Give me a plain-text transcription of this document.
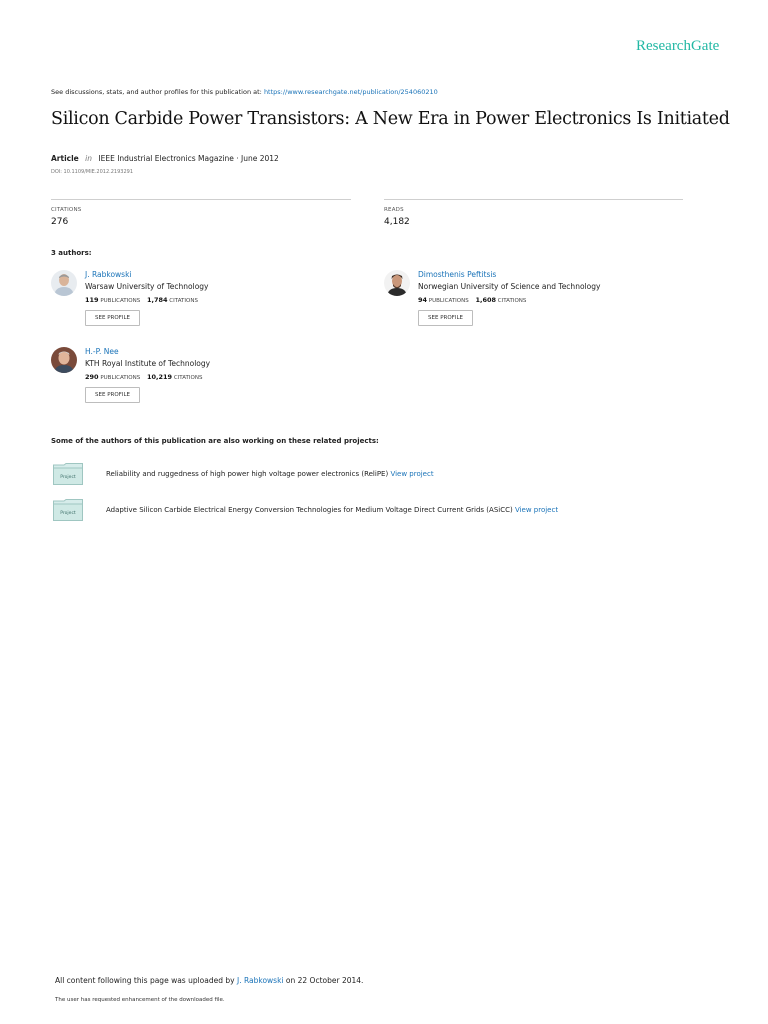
ResearchGate
See discussions, stats, and author profiles for this publication at: https://www.researchgate.net/publication/254060210
Silicon Carbide Power Transistors: A New Era in Power Electronics Is Initiated
Article in IEEE Industrial Electronics Magazine · June 2012
DOI: 10.1109/MIE.2012.2193291
CITATIONS
276
READS
4,182
3 authors:
J. Rabkowski
Warsaw University of Technology
119 PUBLICATIONS 1,784 CITATIONS
SEE PROFILE
Dimosthenis Peftitsis
Norwegian University of Science and Technology
94 PUBLICATIONS 1,608 CITATIONS
SEE PROFILE
H.-P. Nee
KTH Royal Institute of Technology
290 PUBLICATIONS 10,219 CITATIONS
SEE PROFILE
Some of the authors of this publication are also working on these related projects:
Project	Reliability and ruggedness of high power high voltage power electronics (ReliPE) View project
Project	Adaptive Silicon Carbide Electrical Energy Conversion Technologies for Medium Voltage Direct Current Grids (ASiCC) View project
All content following this page was uploaded by J. Rabkowski on 22 October 2014.
The user has requested enhancement of the downloaded file.
